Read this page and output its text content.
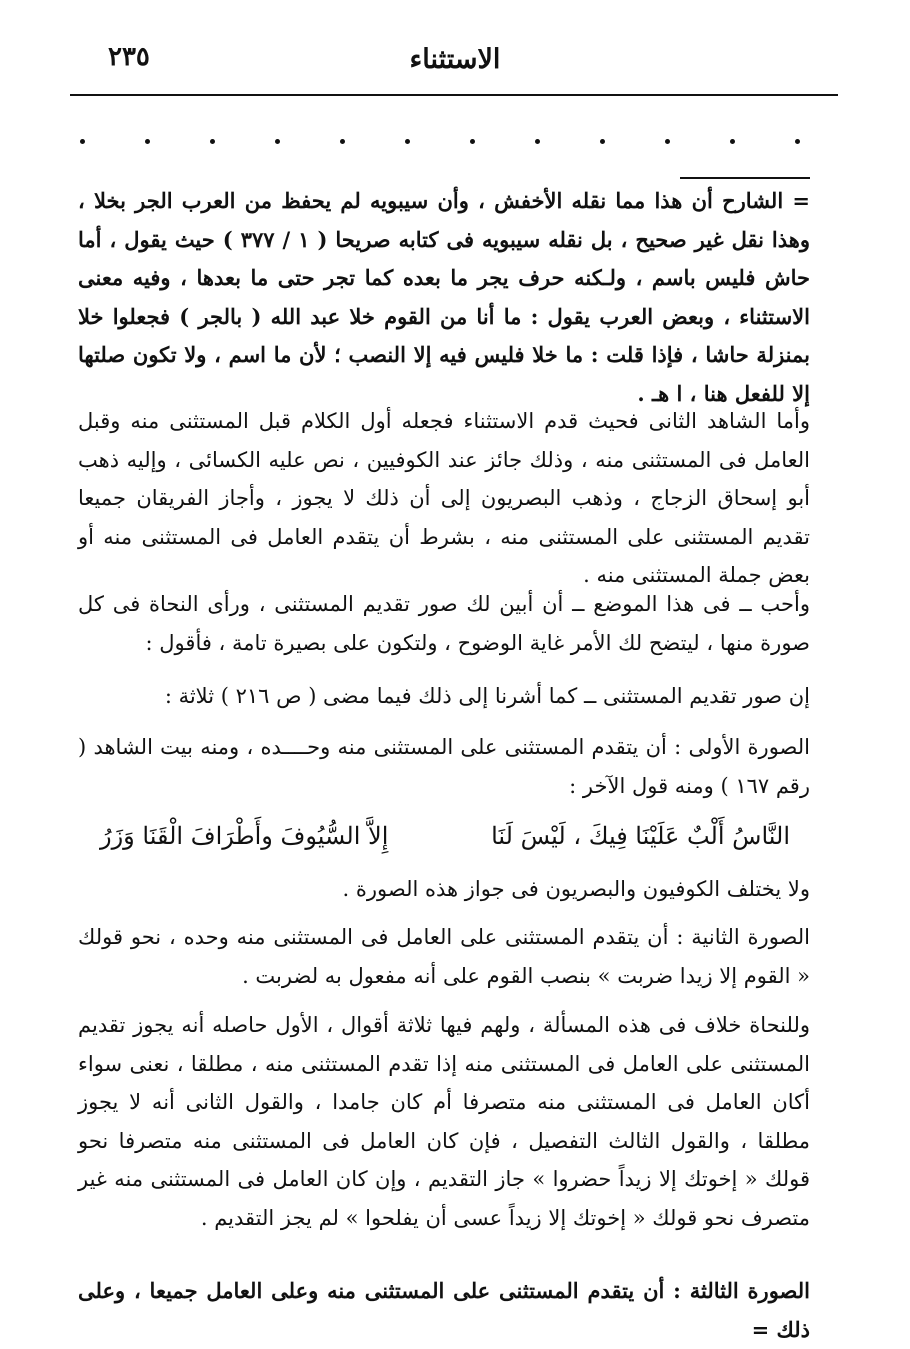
الاستثناء
٢٣٥

= الشارح أن هذا مما نقله الأخفش ، وأن سيبويه لم يحفظ من العرب الجر بخلا ، وهذا نقل غير صحيح ، بل نقله سيبويه فى كتابه صريحا ( ١ / ٣٧٧ ) حيث يقول ، أما حاش فليس باسم ، ولـكنه حرف يجر ما بعده كما تجر حتى ما بعدها ، وفيه معنى الاستثناء ، وبعض العرب يقول : ما أنا من القوم خلا عبد الله ( بالجر ) فجعلوا خلا بمنزلة حاشا ، فإذا قلت : ما خلا فليس فيه إلا النصب ؛ لأن ما اسم ، ولا تكون صلتها إلا للفعل هنا ، ا هـ .

وأما الشاهد الثانى فحيث قدم الاستثناء فجعله أول الكلام قبل المستثنى منه وقبل العامل فى المستثنى منه ، وذلك جائز عند الكوفيين ، نص عليه الكسائى ، وإليه ذهب أبو إسحاق الزجاج ، وذهب البصريون إلى أن ذلك لا يجوز ، وأجاز الفريقان جميعا تقديم المستثنى على المستثنى منه ، بشرط أن يتقدم العامل فى المستثنى منه أو بعض جملة المستثنى منه .

وأحب ــ فى هذا الموضع ــ أن أبين لك صور تقديم المستثنى ، ورأى النحاة فى كل صورة منها ، ليتضح لك الأمر غاية الوضوح ، ولتكون على بصيرة تامة ، فأقول :

إن صور تقديم المستثنى ــ كما أشرنا إلى ذلك فيما مضى ( ص ٢١٦ ) ثلاثة :

الصورة الأولى : أن يتقدم المستثنى على المستثنى منه وحــــده ، ومنه بيت الشاهد ( رقم ١٦٧ ) ومنه قول الآخر :

النَّاسُ أَلْبٌ عَلَيْنَا فِيكَ ، لَيْسَ لَنَا
إِلاَّ السُّيُوفَ وأَطْرَافَ الْقَنَا وَزَرُ

ولا يختلف الكوفيون والبصريون فى جواز هذه الصورة .

الصورة الثانية : أن يتقدم المستثنى على العامل فى المستثنى منه وحده ، نحو قولك « القوم إلا زيدا ضربت » بنصب القوم على أنه مفعول به لضربت .

وللنحاة خلاف فى هذه المسألة ، ولهم فيها ثلاثة أقوال ، الأول حاصله أنه يجوز تقديم المستثنى على العامل فى المستثنى منه إذا تقدم المستثنى منه ، مطلقا ، نعنى سواء أكان العامل فى المستثنى منه متصرفا أم كان جامدا ، والقول الثانى أنه لا يجوز مطلقا ، والقول الثالث التفصيل ، فإن كان العامل فى المستثنى منه متصرفا نحو قولك « إخوتك إلا زيداً حضروا » جاز التقديم ، وإن كان العامل فى المستثنى منه غير متصرف نحو قولك « إخوتك إلا زيداً عسى أن يفلحوا » لم يجز التقديم .

الصورة الثالثة : أن يتقدم المستثنى على المستثنى منه وعلى العامل جميعا ، وعلى ذلك =
